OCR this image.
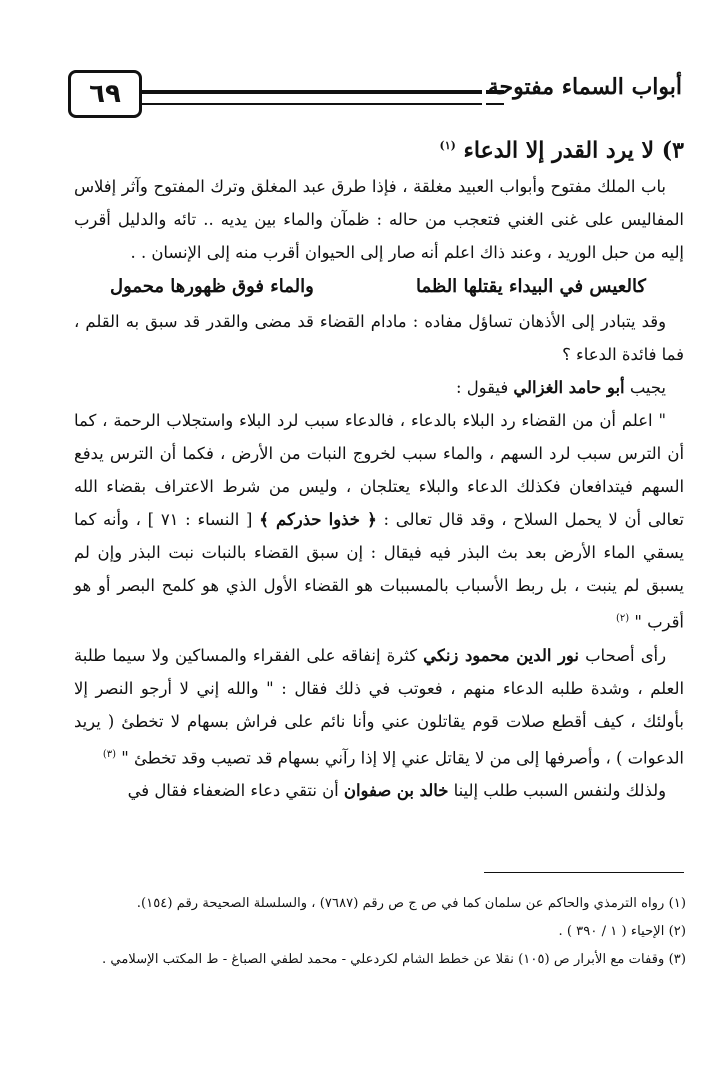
أبواب السماء مفتوحة
٦٩

٣) لا يرد القدر إلا الدعاء $^{(١)}$

باب الملك مفتوح وأبواب العبيد مغلقة ، فإذا طرق عبد المغلق وترك المفتوح وآثر إفلاس المفاليس على غنى الغني فتعجب من حاله : ظمآن والماء بين يديه .. تائه والدليل أقرب إليه من حبل الوريد ، وعند ذاك اعلم أنه صار إلى الحيوان أقرب منه إلى الإنسان . .

كالعيس في البيداء يقتلها الظما
والماء فوق ظهورها محمول

وقد يتبادر إلى الأذهان تساؤل مفاده : مادام القضاء قد مضى والقدر قد سبق به القلم ، فما فائدة الدعاء ؟

يجيب أبو حامد الغزالي فيقول :

" اعلم أن من القضاء رد البلاء بالدعاء ، فالدعاء سبب لرد البلاء واستجلاب الرحمة ، كما أن الترس سبب لرد السهم ، والماء سبب لخروج النبات من الأرض ، فكما أن الترس يدفع السهم فيتدافعان فكذلك الدعاء والبلاء يعتلجان ، وليس من شرط الاعتراف بقضاء الله تعالى أن لا يحمل السلاح ، وقد قال تعالى : ﴿ خذوا حذركم ﴾ [ النساء : ٧١ ] ، وأنه كما يسقي الماء الأرض بعد بث البذر فيه فيقال : إن سبق القضاء بالنبات نبت البذر وإن لم يسبق لم ينبت ، بل ربط الأسباب بالمسببات هو القضاء الأول الذي هو كلمح البصر أو هو أقرب " $^{(٢)}$

رأى أصحاب نور الدين محمود زنكي كثرة إنفاقه على الفقراء والمساكين ولا سيما طلبة العلم ، وشدة طلبه الدعاء منهم ، فعوتب في ذلك فقال : " والله إني لا أرجو النصر إلا بأولئك ، كيف أقطع صلات قوم يقاتلون عني وأنا نائم على فراش بسهام لا تخطئ ( يريد الدعوات ) ، وأصرفها إلى من لا يقاتل عني إلا إذا رآني بسهام قد تصيب وقد تخطئ " $^{(٣)}$

ولذلك ولنفس السبب طلب إلينا خالد بن صفوان أن نتقي دعاء الضعفاء فقال في

(١) رواه الترمذي والحاكم عن سلمان كما في ص ج ص رقم (٧٦٨٧) ، والسلسلة الصحيحة رقم (١٥٤).

(٢) الإحياء ( ١ / ٣٩٠ ) .

(٣) وقفات مع الأبرار ص (١٠٥) نقلا عن خطط الشام لكردعلي - محمد لطفي الصباغ - ط المكتب الإسلامي .
